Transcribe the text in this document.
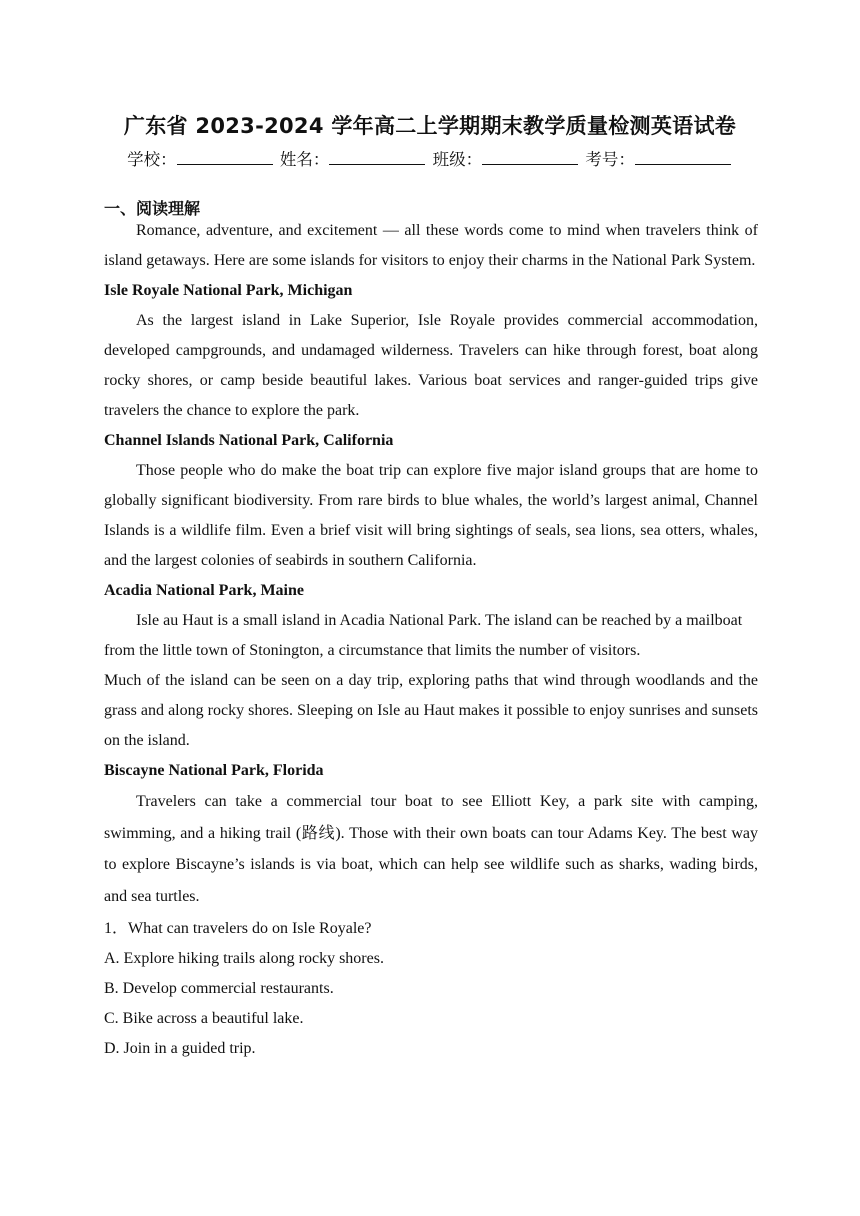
广东省 2023-2024 学年高二上学期期末教学质量检测英语试卷
学校：	姓名：	班级：	考号：
一、阅读理解

Romance, adventure, and excitement — all these words come to mind when travelers think of island getaways. Here are some islands for visitors to enjoy their charms in the National Park System.

Isle Royale National Park, Michigan

As the largest island in Lake Superior, Isle Royale provides commercial accommodation, developed campgrounds, and undamaged wilderness. Travelers can hike through forest, boat along rocky shores, or camp beside beautiful lakes. Various boat services and ranger-guided trips give travelers the chance to explore the park.

Channel Islands National Park, California

Those people who do make the boat trip can explore five major island groups that are home to globally significant biodiversity. From rare birds to blue whales, the world’s largest animal, Channel Islands is a wildlife film. Even a brief visit will bring sightings of seals, sea lions, sea otters, whales, and the largest colonies of seabirds in southern California.

Acadia National Park, Maine

Isle au Haut is a small island in Acadia National Park. The island can be reached by a mailboat from the little town of Stonington, a circumstance that limits the number of visitors.

Much of the island can be seen on a day trip, exploring paths that wind through woodlands and the grass and along rocky shores. Sleeping on Isle au Haut makes it possible to enjoy sunrises and sunsets on the island.

Biscayne National Park, Florida

Travelers can take a commercial tour boat to see Elliott Key, a park site with camping, swimming, and a hiking trail (路线). Those with their own boats can tour Adams Key. The best way to explore Biscayne’s islands is via boat, which can help see wildlife such as sharks, wading birds, and sea turtles.

1．What can travelers do on Isle Royale?

A. Explore hiking trails along rocky shores.

B. Develop commercial restaurants.

C. Bike across a beautiful lake.

D. Join in a guided trip.
